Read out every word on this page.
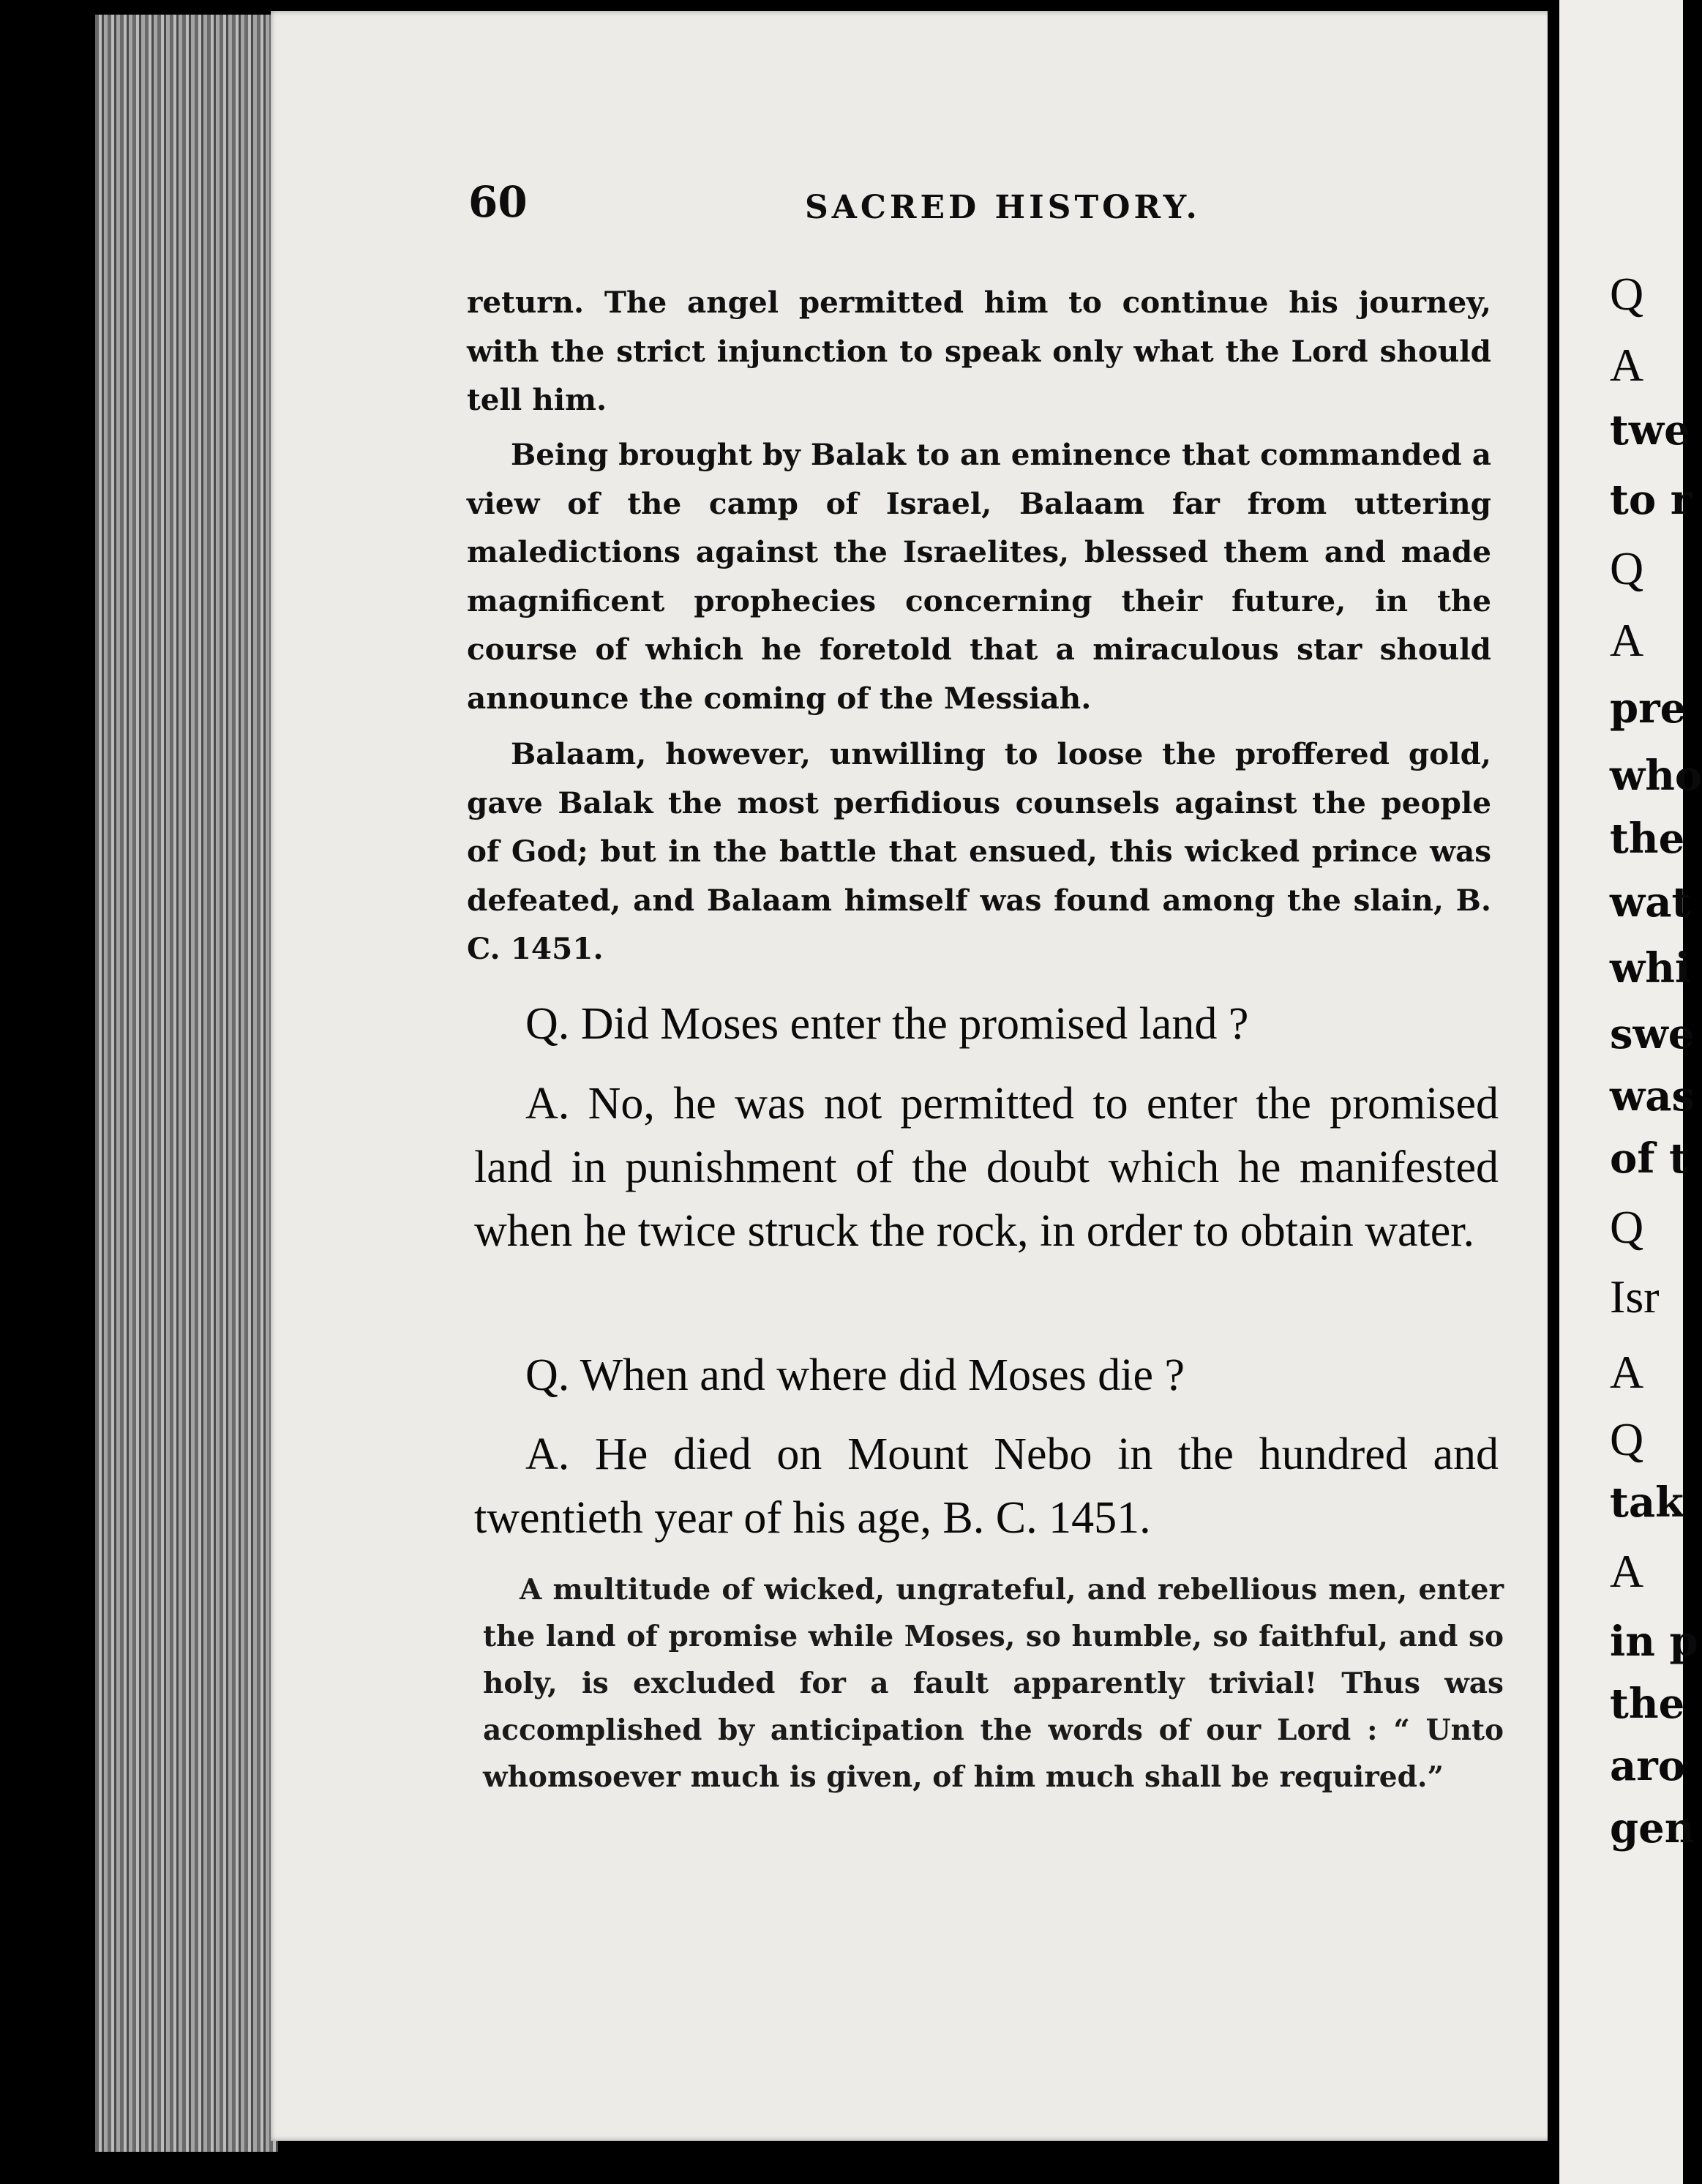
60	SACRED HISTORY.

return. The angel permitted him to continue his journey, with the strict injunction to speak only what the Lord should tell him.

Being brought by Balak to an eminence that commanded a view of the camp of Israel, Balaam far from uttering maledictions against the Israelites, blessed them and made magnificent prophecies concerning their future, in the course of which he foretold that a miraculous star should announce the coming of the Messiah.

Balaam, however, unwilling to loose the proffered gold, gave Balak the most perfidious counsels against the people of God; but in the battle that ensued, this wicked prince was defeated, and Balaam himself was found among the slain, B. C. 1451.

Q. Did Moses enter the promised land ?

A. No, he was not permitted to enter the promised land in punishment of the doubt which he manifested when he twice struck the rock, in order to obtain water.

Q. When and where did Moses die ?

A. He died on Mount Nebo in the hundred and twentieth year of his age, B. C. 1451.

A multitude of wicked, ungrateful, and rebellious men, enter the land of promise while Moses, so humble, so faithful, and so holy, is excluded for a fault apparently trivial! Thus was accomplished by anticipation the words of our Lord : “ Unto whomsoever much is given, of him much shall be required.”

Q
A
twe
to r
Q
A
pre
who
the
wat
whi
swe
was
of t
Q
Isr
A
Q
tak
A
in p
the
aro
gen
